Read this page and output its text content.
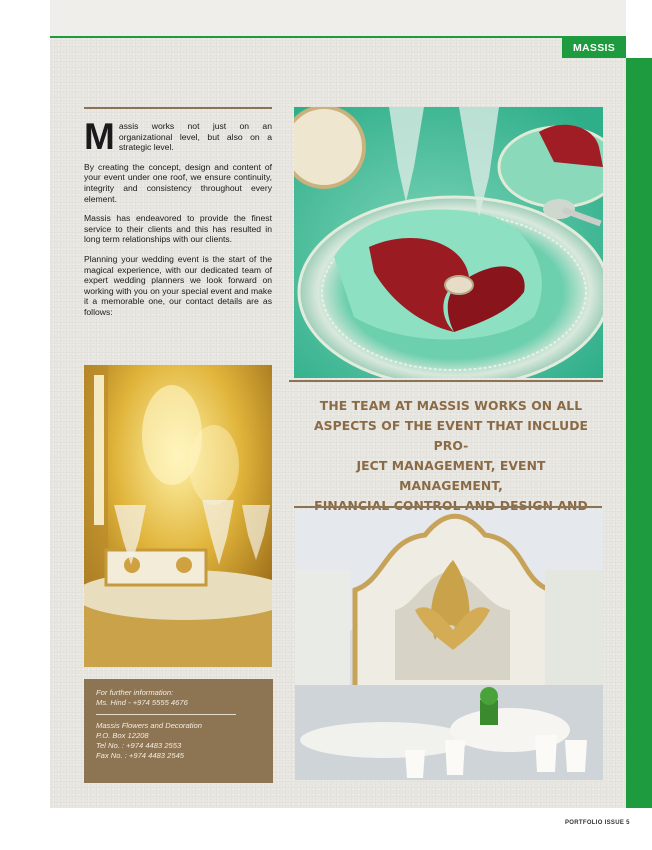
MASSIS

Massis works not just on an organizational level, but also on a strategic level.

By creating the concept, design and content of your event under one roof, we ensure continuity, integrity and consistency throughout every element.

Massis has endeavored to provide the finest service to their clients and this has resulted in long term relationships with our clients.

Planning your wedding event is the start of the magical experience, with our dedicated team of expert wedding planners we look forward on working with you on your special event and make it a memorable one, our contact details are as follows:

THE TEAM AT MASSIS WORKS ON ALL
ASPECTS OF THE EVENT THAT INCLUDE PRO-
JECT MANAGEMENT, EVENT MANAGEMENT,

For further information:

Ms. Hind - +974 5555 4676

Massis Flowers and Decoration

P.O. Box 12208

Tel No. : +974 4483 2553

Fax No. : +974 4483 2545

PORTFOLIO ISSUE 5
